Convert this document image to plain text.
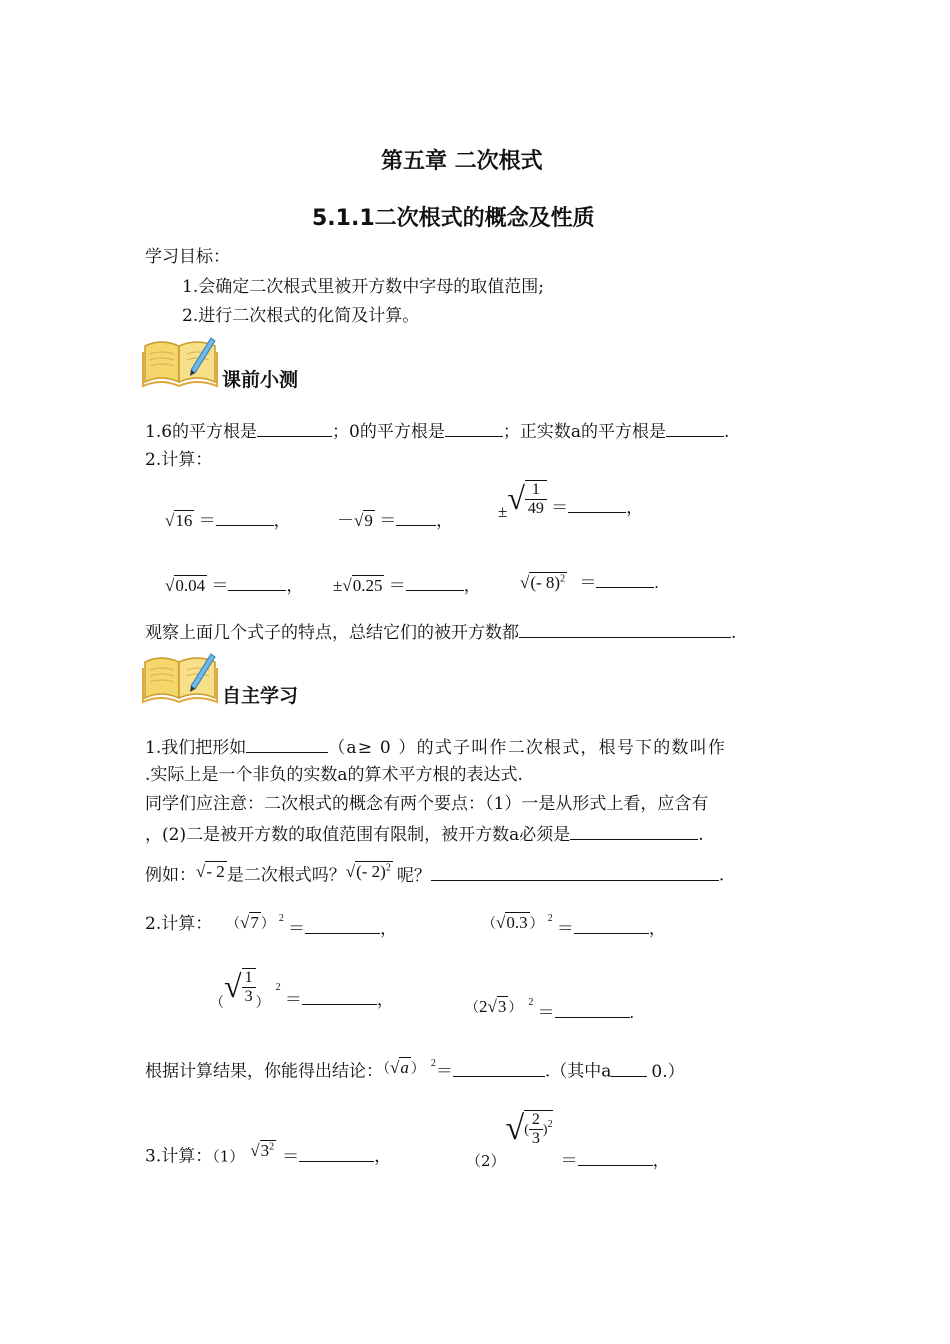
第五章 二次根式
5.1.1二次根式的概念及性质
学习目标：
1.会确定二次根式里被开方数中字母的取值范围;
2.进行二次根式的化简及计算。
课前小测
1.6的平方根是	；0的平方根是	；正实数a的平方根是	.
2.计算：
√16 ＝	，	－√9 ＝ ，	±√ $\frac{1}{49}$ ＝	，
√0.04 ＝	， ±√0.25 ＝	， √(- 8)$^2$ ＝	.
观察上面几个式子的特点，总结它们的被开方数都	.
自主学习
1.我们把形如	（a≥ 0 ）的式子叫作二次根式，根号下的数叫作
.实际上是一个非负的实数a的算术平方根的表达式.
同学们应注意：二次根式的概念有两个要点：（1）一是从形式上看，应含有
，(2)二是被开方数的取值范围有限制，被开方数a必须是	.
例如：√- 2 是二次根式吗？√(- 2)$^2$ 呢？	.
2.计算： （√7 ） $^2$ ＝	，	（√0.3 ） $^2$ ＝	，
$_(√ \frac{1}{3} _)^2$ ＝	，	（2√3 ） $^2$ ＝	.
根据计算结果，你能得出结论：（√a ） $^2$＝	.（其中a 0.）
3.计算：（1） $√3^2=$	，	$(2)√( \frac{2}{3} )^2=$	，
